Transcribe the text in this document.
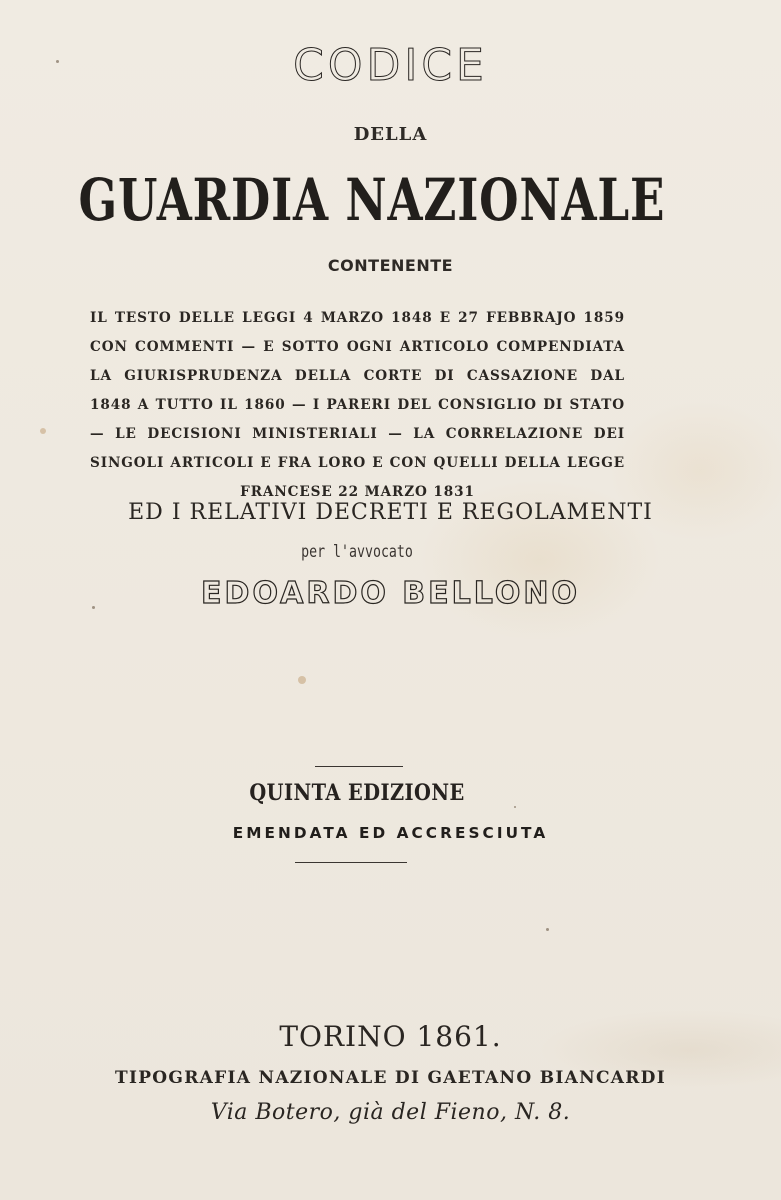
CODICE
DELLA
GUARDIA NAZIONALE
CONTENENTE

IL TESTO DELLE LEGGI 4 MARZO 1848 E 27 FEBBRAJO 1859 CON COMMENTI — E SOTTO OGNI ARTICOLO COMPENDIATA LA GIURISPRUDENZA DELLA CORTE DI CASSAZIONE DAL 1848 A TUTTO IL 1860 — I PARERI DEL CONSIGLIO DI STATO — LE DECISIONI MINISTERIALI — LA CORRELAZIONE DEI SINGOLI ARTICOLI E FRA LORO E CON QUELLI DELLA LEGGE FRANCESE 22 MARZO 1831

ED I RELATIVI DECRETI E REGOLAMENTI
per l'avvocato
EDOARDO BELLONO
QUINTA EDIZIONE
EMENDATA ED ACCRESCIUTA
TORINO 1861.
TIPOGRAFIA NAZIONALE DI GAETANO BIANCARDI
Via Botero, già del Fieno, N. 8.
